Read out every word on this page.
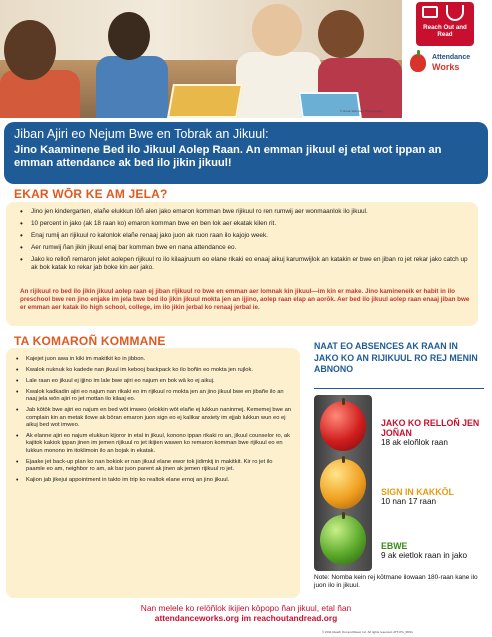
© Anne Solomon Photography
Reach Out and Read
Attendance
Works
Jiban Ajiri eo Nejum Bwe en Tobrak an Jikuul:
Jino Kaaminene Bed ilo Jikuul Aolep Raan. An emman jikuul ej etal wot ippan an emman attendance ak bed ilo jikin jikuul!
EKAR WŌR KE AM JELA?
• Jino jen kindergarten, elañe elukkun lōñ alen jako emaron komman bwe rijikuul ro ren rumwij aer wonmaanlok ilo jikuul.
• 10 percent in jako (ak 18 raan ko) emaron komman bwe en ben lok aer ekatak kilen rit.
• Enaj rumij an rijikuul ro kalonlok elañe renaaj jako juon ak ruon raan ilo kajojo week.
• Aer rumwij ñan jikin jikuul enaj bar komman bwe en nana attendance eo.
• Jako ko relloñ remaron jelet aolepen rijikuul ro ilo kilaajruum eo elane rikaki eo enaaj aikuj karumwijlok an katakin er bwe en jiban ro jet rekar jako catch up ak bok katak ko rekar jab boke kin aer jako.
An rijikuul ro bed ilo jikin jikuul aolep raan ej jiban rijikuul ro bwe en emman aer lomnak kin jikuul—im kin er make. Jino kamineneik er habit in ilo preschool bwe ren jino enjake im jela bwe bed ilo jikin jikuul mokta jen an ijjino, aolep raan elap an aorōk. Aer bed ilo jikuul aolep raan enaaj jiban bwe er emman aer katak ilo high school, college, im ilo jikin jerbal ko renaaj jerbal ie.
TA KOMAROÑ KOMMANE
• Kajejet juon awa in kiki im makitkit ko in jibbon.
• Kwalok nuknuk ko kadede nan jikuul im kebooj backpack ko ilo boñin eo mokta jen rujlok.
• Lale raan eo jikuul ej ijjino im lale bwe ajiri eo najum en bok wā ko ej aikuj.
• Kwalok kadkadin ajiri eo najum nan rikaki eo im rijikuul ro mokta jen an jino jikuul bwe en jibañe ilo an naaj jela wōn ajiri ro jet mottan ilo kilaaj eo.
• Jab kōtōk bwe ajiri eo najum en bed wōt imweo (elokkin wōt elañe ej lukkun naninmej. Kememej bwe an complain kin an metak ilowe ak bōran emaron juon sign eo ej kalikar anxiety im ejjab lukkun wun eo ej aikuj bed wot imweo.
• Ak elanne ajiri eo najum elukkun kijoror in etal in jikuul, konono ippan rikaki ro an, jikuul counselor ro, ak kajitok kakiok ippan jinen im jemen rijikuul ro jet ikijien wawen ko remaron komman bwe rijikuul eo en lukkun monono im itoklimoin ilo an bojak in ekatak.
• Ejaake jet back-up plan ko nan bokiok er nan jikuul elane ewor tok jidimkij in makitkit. Kir ro jet ilo paamle eo am, neighbor ro am, ak bar juon parent ak jinen ak jemen rijikuul ro jet.
• Kajion jab jikejui appointment in takto im trip ko realtok elane ernoj an jino jikuul.
NAAT EO ABSENCES AK RAAN IN JAKO KO AN RIJIKUUL RO REJ MENIN ABNONO
JAKO KO RELLOÑ JEN JOÑAN
18 ak eloñlok raan
SIGN IN KAKKŌL
10 nan 17 raan
EBWE
9 ak eietlok raan in jako
Note: Nomba kein rej kōtmane ilowaan 180-raan kane ilo juon ilo in jikuul.
Nan melele ko relōñlok ikijien kōpopo ñan jikuul, etal ñan
attendanceworks.org im reachoutandread.org
© 2011 Reach Out and Read, Inc. All rights reserved. ATT-PG_08/11
